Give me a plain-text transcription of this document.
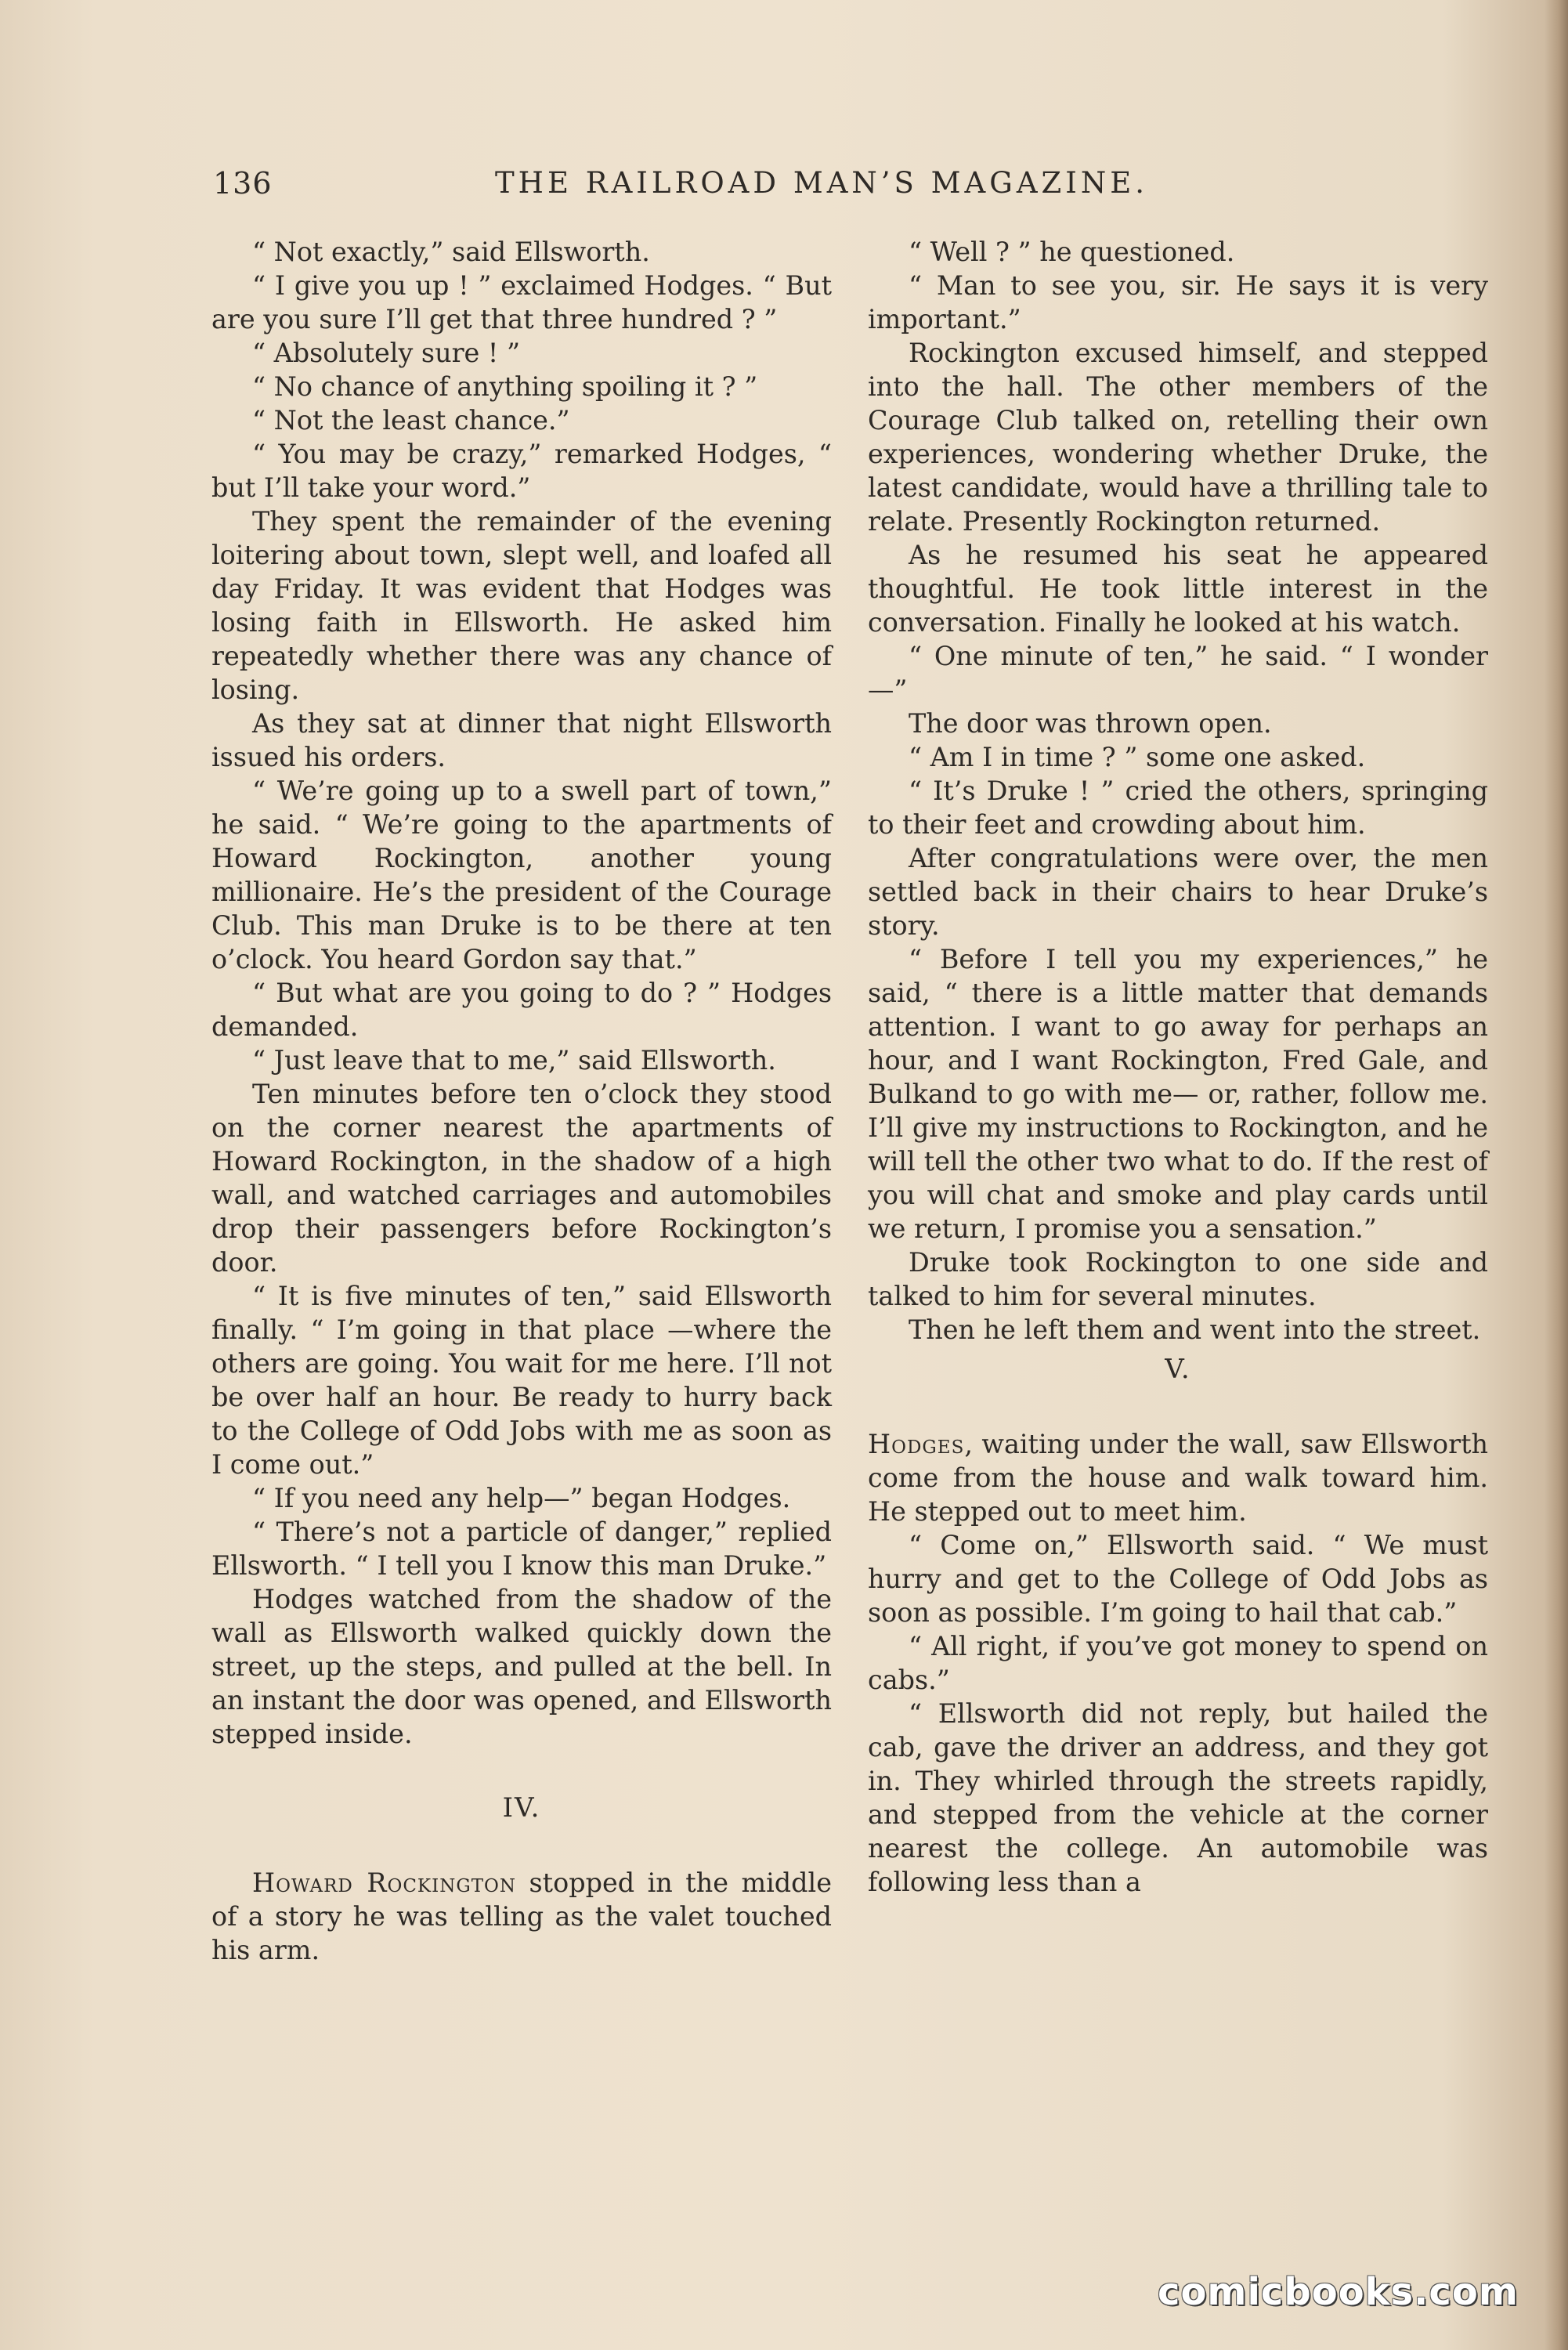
136	THE RAILROAD MAN’S MAGAZINE.

“ Not exactly,” said Ellsworth.

“ I give you up ! ” exclaimed Hodges. “ But are you sure I’ll get that three hundred ? ”

“ Absolutely sure ! ”

“ No chance of anything spoiling it ? ”

“ Not the least chance.”

“ You may be crazy,” remarked Hodges, “ but I’ll take your word.”

They spent the remainder of the evening loitering about town, slept well, and loafed all day Friday. It was evident that Hodges was losing faith in Ellsworth. He asked him repeatedly whether there was any chance of losing.

As they sat at dinner that night Ellsworth issued his orders.

“ We’re going up to a swell part of town,” he said. “ We’re going to the apartments of Howard Rockington, another young millionaire. He’s the president of the Courage Club. This man Druke is to be there at ten o’clock. You heard Gordon say that.”

“ But what are you going to do ? ” Hodges demanded.

“ Just leave that to me,” said Ellsworth.

Ten minutes before ten o’clock they stood on the corner nearest the apartments of Howard Rockington, in the shadow of a high wall, and watched carriages and automobiles drop their passengers before Rockington’s door.

“ It is five minutes of ten,” said Ellsworth finally. “ I’m going in that place —where the others are going. You wait for me here. I’ll not be over half an hour. Be ready to hurry back to the College of Odd Jobs with me as soon as I come out.”

“ If you need any help—” began Hodges.

“ There’s not a particle of danger,” replied Ellsworth. “ I tell you I know this man Druke.”

Hodges watched from the shadow of the wall as Ellsworth walked quickly down the street, up the steps, and pulled at the bell. In an instant the door was opened, and Ellsworth stepped inside.

IV.

Howard Rockington stopped in the middle of a story he was telling as the valet touched his arm.

“ Well ? ” he questioned.

“ Man to see you, sir. He says it is very important.”

Rockington excused himself, and stepped into the hall. The other members of the Courage Club talked on, retelling their own experiences, wondering whether Druke, the latest candidate, would have a thrilling tale to relate. Presently Rockington returned.

As he resumed his seat he appeared thoughtful. He took little interest in the conversation. Finally he looked at his watch.

“ One minute of ten,” he said. “ I wonder—”

The door was thrown open.

“ Am I in time ? ” some one asked.

“ It’s Druke ! ” cried the others, springing to their feet and crowding about him.

After congratulations were over, the men settled back in their chairs to hear Druke’s story.

“ Before I tell you my experiences,” he said, “ there is a little matter that demands attention. I want to go away for perhaps an hour, and I want Rockington, Fred Gale, and Bulkand to go with me— or, rather, follow me. I’ll give my instructions to Rockington, and he will tell the other two what to do. If the rest of you will chat and smoke and play cards until we return, I promise you a sensation.”

Druke took Rockington to one side and talked to him for several minutes.

Then he left them and went into the street.

V.

Hodges, waiting under the wall, saw Ellsworth come from the house and walk toward him. He stepped out to meet him.

“ Come on,” Ellsworth said. “ We must hurry and get to the College of Odd Jobs as soon as possible. I’m going to hail that cab.”

“ All right, if you’ve got money to spend on cabs.”

“ Ellsworth did not reply, but hailed the cab, gave the driver an address, and they got in. They whirled through the streets rapidly, and stepped from the vehicle at the corner nearest the college. An automobile was following less than a

comicbooks.com
